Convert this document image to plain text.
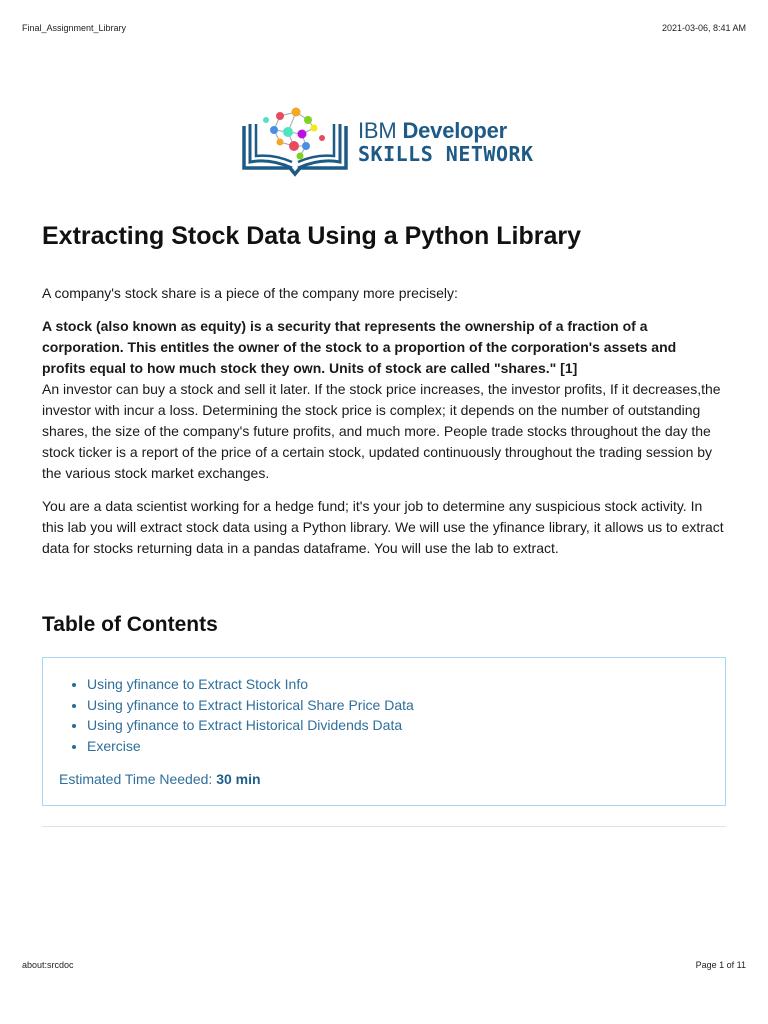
Final_Assignment_Library	2021-03-06, 8:41 AM
IBM Developer
SKILLS NETWORK
Extracting Stock Data Using a Python Library

A company's stock share is a piece of the company more precisely:

A stock (also known as equity) is a security that represents the ownership of a fraction of a corporation. This entitles the owner of the stock to a proportion of the corporation's assets and profits equal to how much stock they own. Units of stock are called "shares." [1]

An investor can buy a stock and sell it later. If the stock price increases, the investor profits, If it decreases,the investor with incur a loss. Determining the stock price is complex; it depends on the number of outstanding shares, the size of the company's future profits, and much more. People trade stocks throughout the day the stock ticker is a report of the price of a certain stock, updated continuously throughout the trading session by the various stock market exchanges.

You are a data scientist working for a hedge fund; it's your job to determine any suspicious stock activity. In this lab you will extract stock data using a Python library. We will use the yfinance library, it allows us to extract data for stocks returning data in a pandas dataframe. You will use the lab to extract.

Table of Contents
• Using yfinance to Extract Stock Info
• Using yfinance to Extract Historical Share Price Data
• Using yfinance to Extract Historical Dividends Data
• Exercise
Estimated Time Needed: 30 min
about:srcdoc	Page 1 of 11
